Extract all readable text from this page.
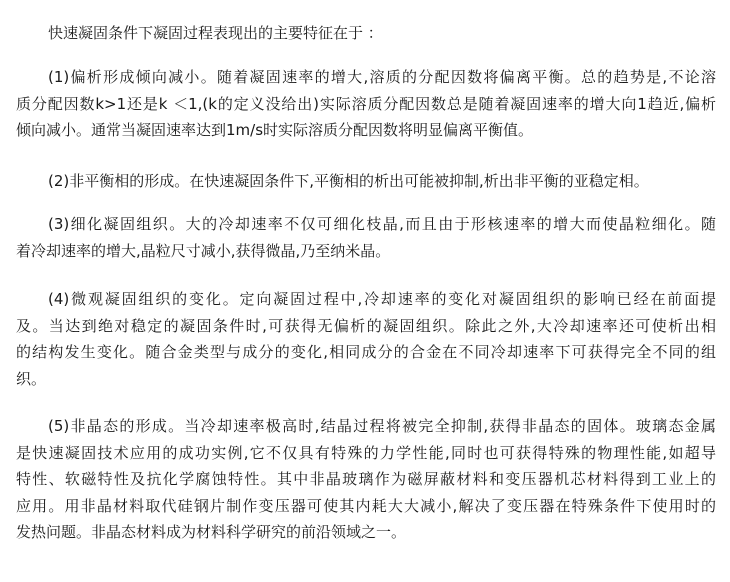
快速凝固条件下凝固过程表现出的主要特征在于 ：
(1)偏析形成倾向减小。随着凝固速率的增大,溶质的分配因数将偏离平衡。总的趋势是,不论溶
质分配因数k>1还是k ＜1,(k的定义没给出)实际溶质分配因数总是随着凝固速率的增大向1趋近,偏析
倾向减小。通常当凝固速率达到1m/s时实际溶质分配因数将明显偏离平衡值。
(2)非平衡相的形成。在快速凝固条件下,平衡相的析出可能被抑制,析出非平衡的亚稳定相。
(3)细化凝固组织。大的冷却速率不仅可细化枝晶,而且由于形核速率的增大而使晶粒细化。随
着冷却速率的增大,晶粒尺寸减小,获得微晶,乃至纳米晶。
(4)微观凝固组织的变化。定向凝固过程中,冷却速率的变化对凝固组织的影响已经在前面提
及。当达到绝对稳定的凝固条件时,可获得无偏析的凝固组织。除此之外,大冷却速率还可使析出相
的结构发生变化。随合金类型与成分的变化,相同成分的合金在不同冷却速率下可获得完全不同的组
织。
(5)非晶态的形成。当冷却速率极高时,结晶过程将被完全抑制,获得非晶态的固体。玻璃态金属
是快速凝固技术应用的成功实例,它不仅具有特殊的力学性能,同时也可获得特殊的物理性能,如超导
特性、软磁特性及抗化学腐蚀特性。其中非晶玻璃作为磁屏蔽材料和变压器机芯材料得到工业上的
应用。用非晶材料取代硅钢片制作变压器可使其内耗大大减小,解决了变压器在特殊条件下使用时的
发热问题。非晶态材料成为材料科学研究的前沿领域之一。
